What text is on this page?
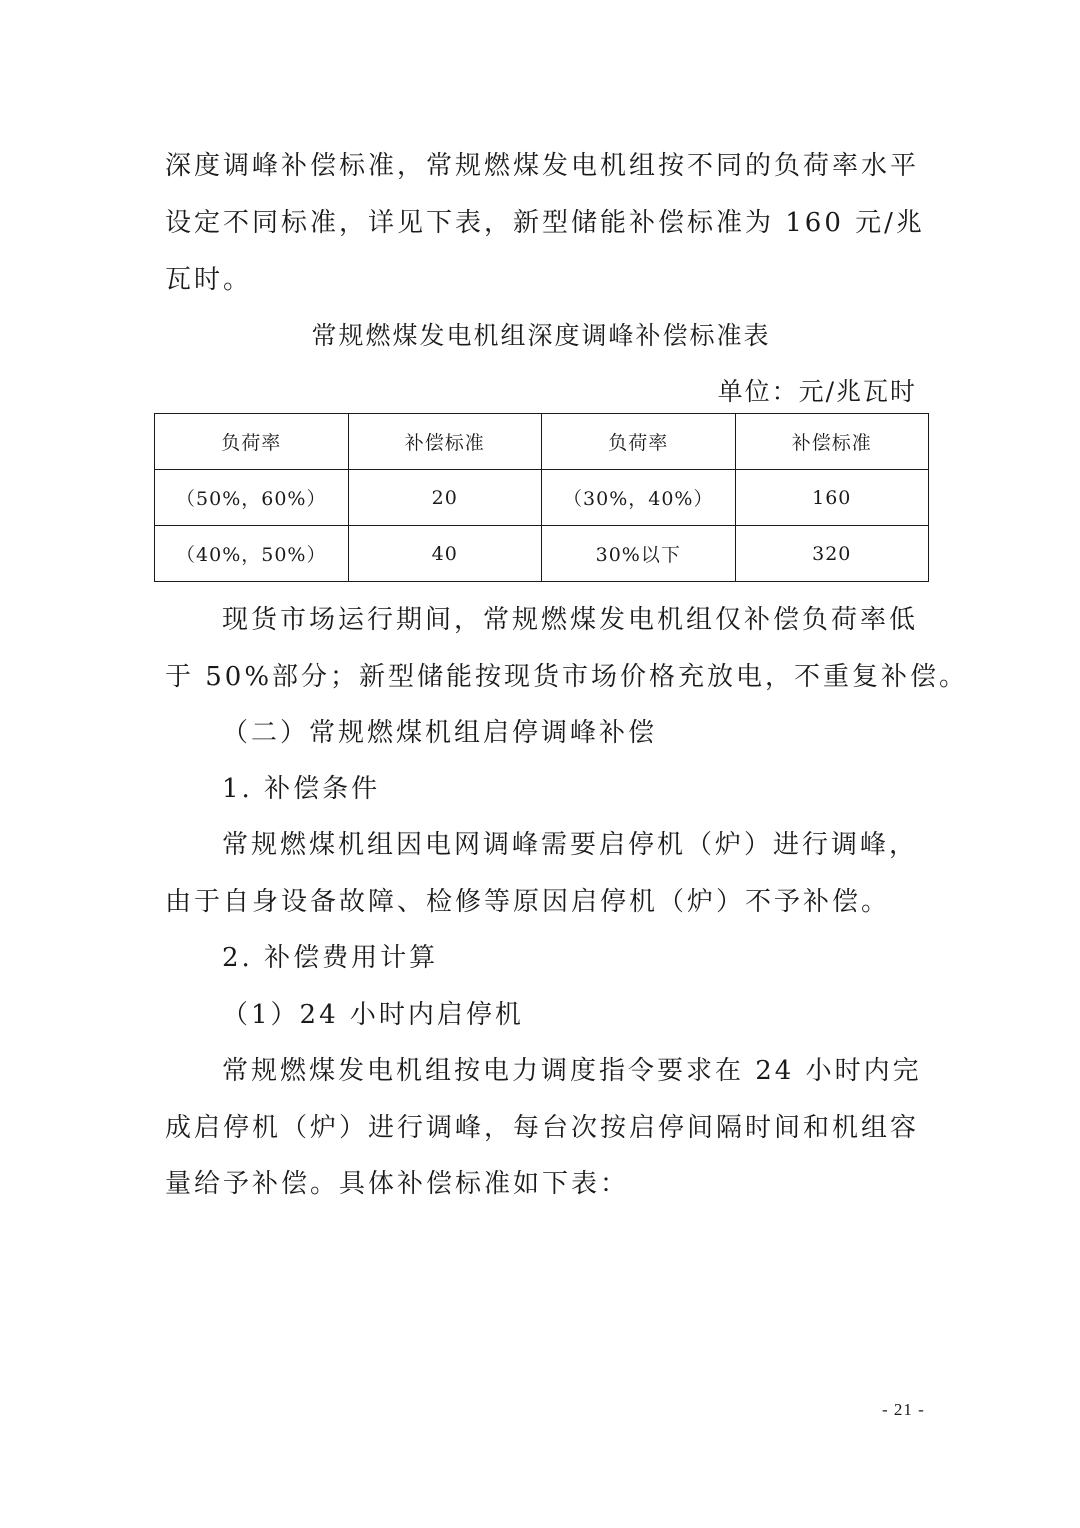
深度调峰补偿标准，常规燃煤发电机组按不同的负荷率水平
设定不同标准，详见下表，新型储能补偿标准为 160 元/兆
瓦时。
常规燃煤发电机组深度调峰补偿标准表
单位：元/兆瓦时
负荷率	补偿标准	负荷率	补偿标准
（50%，60%）	20	（30%，40%）	160
（40%，50%）	40	30%以下	320
现货市场运行期间，常规燃煤发电机组仅补偿负荷率低
于 50%部分；新型储能按现货市场价格充放电，不重复补偿。
（二）常规燃煤机组启停调峰补偿
1. 补偿条件
常规燃煤机组因电网调峰需要启停机（炉）进行调峰，
由于自身设备故障、检修等原因启停机（炉）不予补偿。
2. 补偿费用计算
（1）24 小时内启停机
常规燃煤发电机组按电力调度指令要求在 24 小时内完
成启停机（炉）进行调峰，每台次按启停间隔时间和机组容
量给予补偿。具体补偿标准如下表：
- 21 -
